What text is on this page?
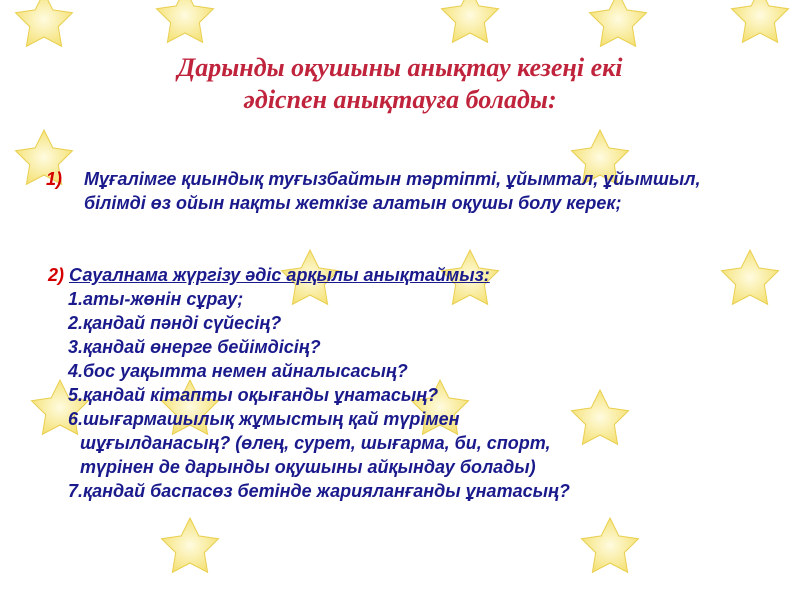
Дарынды оқушыны анықтау кезеңі екі
әдіспен анықтауға болады:
1) Мұғалімге қиындық туғызбайтын тәртіпті, ұйымтал, ұйымшыл, білімді өз ойын нақты жеткізе алатын оқушы болу керек;
2) Сауалнама жүргізу әдіс арқылы анықтаймыз:
1.аты-жөнін сұрау;
2.қандай пәнді сүйесің?
3.қандай өнерге бейімдісің?
4.бос уақытта немен айналысасың?
5.қандай кітапты оқығанды ұнатасың?
6.шығармашылық жұмыстың қай түрімен
шұғылданасың? (өлең, сурет, шығарма, би, спорт,
түрінен де дарынды оқушыны айқындау болады)
7.қандай баспасөз бетінде жарияланғанды ұнатасың?
